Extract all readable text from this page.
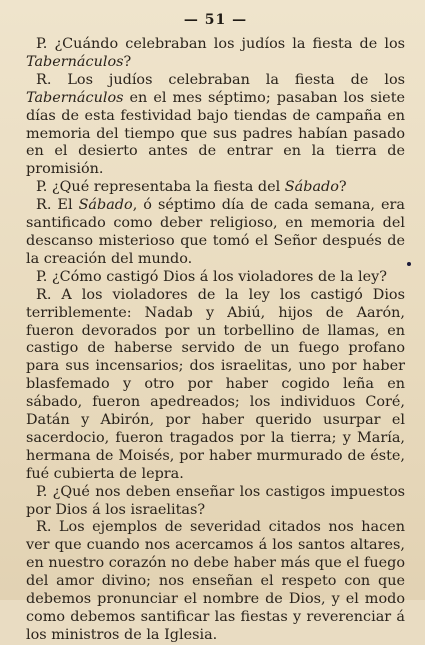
— 51 —

P. ¿Cuándo celebraban los judíos la fiesta de los Tabernáculos?

R. Los judíos celebraban la fiesta de los Tabernáculos en el mes séptimo; pasaban los siete días de esta festividad bajo tiendas de campaña en memoria del tiempo que sus padres habían pasado en el desierto antes de entrar en la tierra de promisión.

P. ¿Qué representaba la fiesta del Sábado?

R. El Sábado, ó séptimo día de cada semana, era santificado como deber religioso, en memoria del descanso misterioso que tomó el Señor después de la creación del mundo.

P. ¿Cómo castigó Dios á los violadores de la ley?

R. A los violadores de la ley los castigó Dios terriblemente: Nadab y Abiú, hijos de Aarón, fueron devorados por un torbellino de llamas, en castigo de haberse servido de un fuego profano para sus incensarios; dos israelitas, uno por haber blasfemado y otro por haber cogido leña en sábado, fueron apedreados; los individuos Coré, Datán y Abirón, por haber querido usurpar el sacerdocio, fueron tragados por la tierra; y María, hermana de Moisés, por haber murmurado de éste, fué cubierta de lepra.

P. ¿Qué nos deben enseñar los castigos impuestos por Dios á los israelitas?

R. Los ejemplos de severidad citados nos hacen ver que cuando nos acercamos á los santos altares, en nuestro corazón no debe haber más que el fuego del amor divino; nos enseñan el respeto con que debemos pronunciar el nombre de Dios, y el modo como debemos santificar las fiestas y reverenciar á los ministros de la Iglesia.
